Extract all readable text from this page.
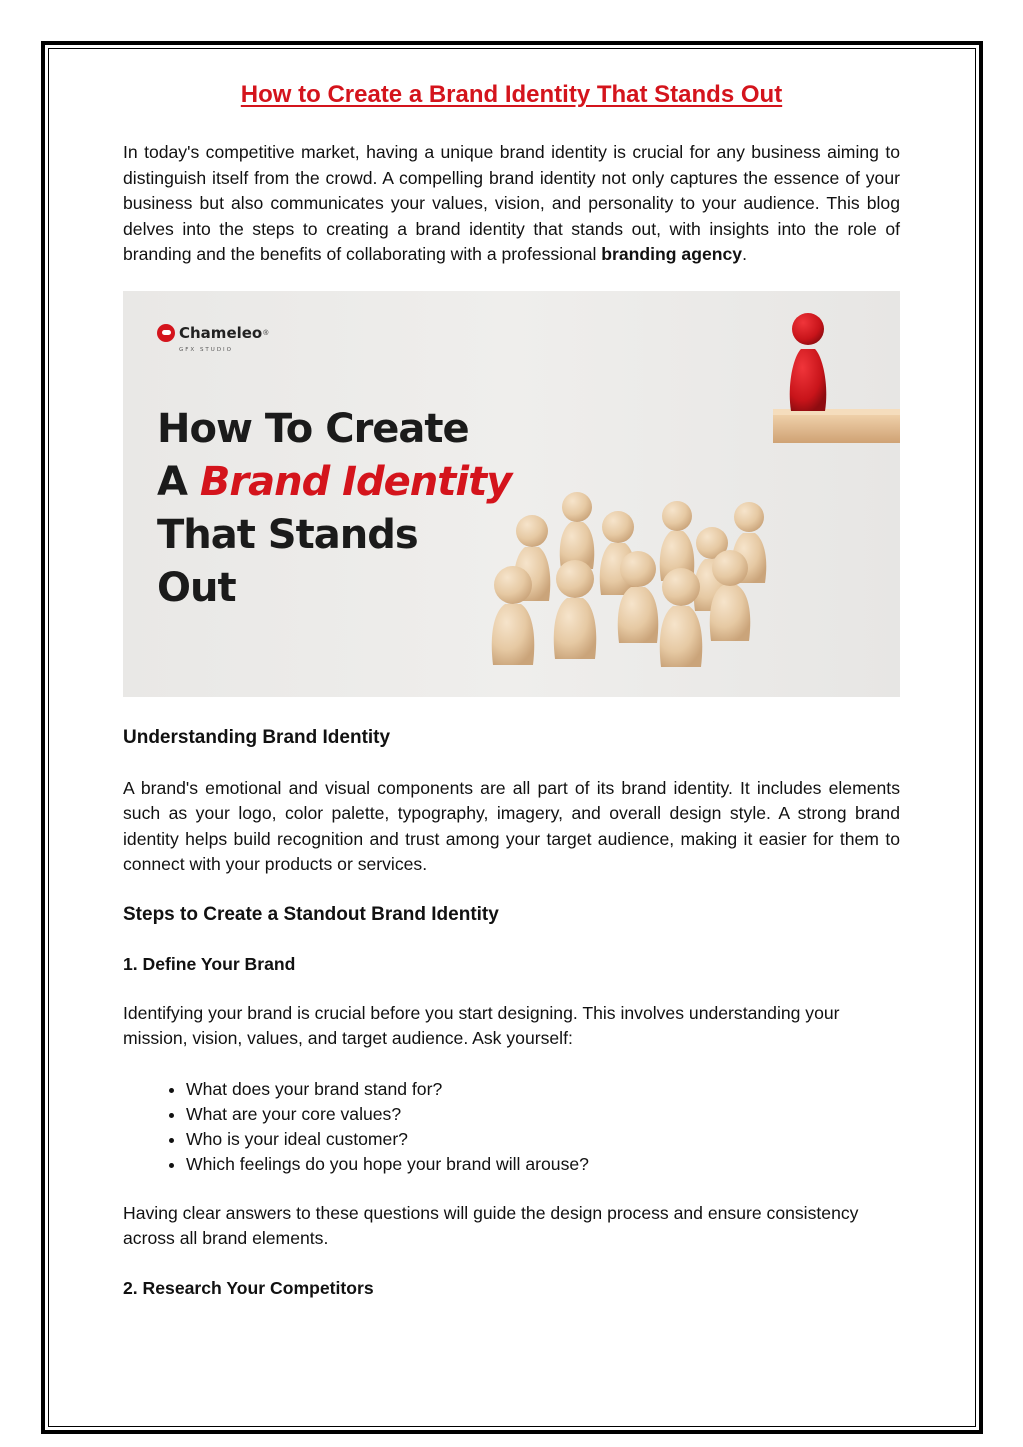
How to Create a Brand Identity That Stands Out

In today's competitive market, having a unique brand identity is crucial for any business aiming to distinguish itself from the crowd. A compelling brand identity not only captures the essence of your business but also communicates your values, vision, and personality to your audience. This blog delves into the steps to creating a brand identity that stands out, with insights into the role of branding and the benefits of collaborating with a professional branding agency.

Chameleo ®
GFX STUDIO
How To Create
A Brand Identity
That Stands
Out
Understanding Brand Identity

A brand's emotional and visual components are all part of its brand identity. It includes elements such as your logo, color palette, typography, imagery, and overall design style. A strong brand identity helps build recognition and trust among your target audience, making it easier for them to connect with your products or services.

Steps to Create a Standout Brand Identity
1. Define Your Brand

Identifying your brand is crucial before you start designing. This involves understanding your mission, vision, values, and target audience. Ask yourself:

• What does your brand stand for?
• What are your core values?
• Who is your ideal customer?
• Which feelings do you hope your brand will arouse?

Having clear answers to these questions will guide the design process and ensure consistency across all brand elements.

2. Research Your Competitors
